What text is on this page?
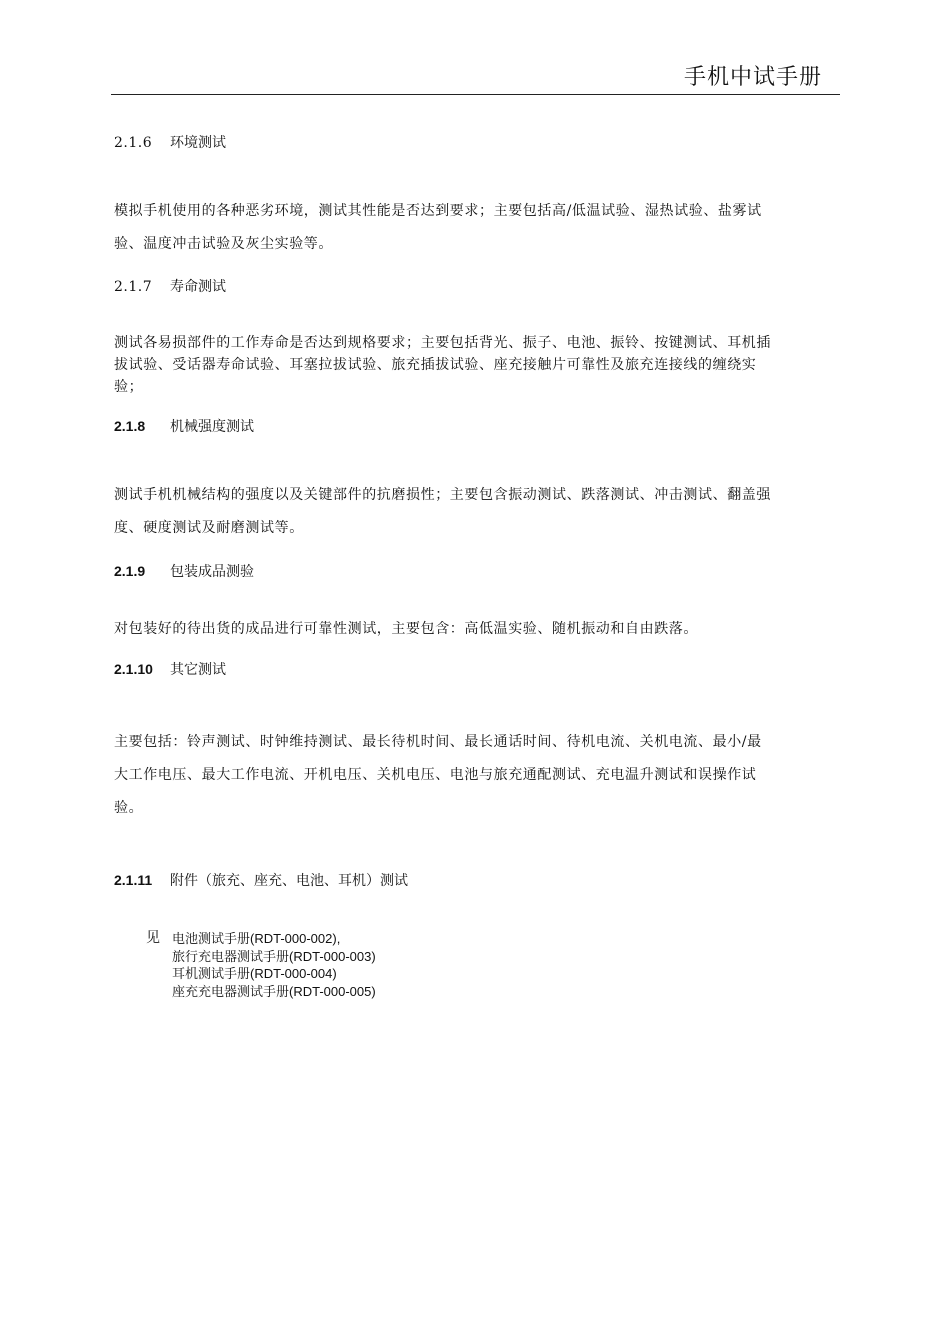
手机中试手册
2.1.6 环境测试
模拟手机使用的各种恶劣环境，测试其性能是否达到要求；主要包括高/低温试验、湿热试验、盐雾试
验、温度冲击试验及灰尘实验等。
2.1.7 寿命测试
测试各易损部件的工作寿命是否达到规格要求；主要包括背光、振子、电池、振铃、按键测试、耳机插
拔试验、受话器寿命试验、耳塞拉拔试验、旅充插拔试验、座充接触片可靠性及旅充连接线的缠绕实
验；
2.1.8 机械强度测试
测试手机机械结构的强度以及关键部件的抗磨损性；主要包含振动测试、跌落测试、冲击测试、翻盖强
度、硬度测试及耐磨测试等。
2.1.9 包装成品测验
对包装好的待出货的成品进行可靠性测试，主要包含：高低温实验、随机振动和自由跌落。
2.1.10 其它测试
主要包括：铃声测试、时钟维持测试、最长待机时间、最长通话时间、待机电流、关机电流、最小/最
大工作电压、最大工作电流、开机电压、关机电压、电池与旅充通配测试、充电温升测试和误操作试
验。
2.1.11 附件（旅充、座充、电池、耳机）测试
见 电池测试手册(RDT-000-002),
旅行充电器测试手册(RDT-000-003)
耳机测试手册(RDT-000-004)
座充充电器测试手册(RDT-000-005)
